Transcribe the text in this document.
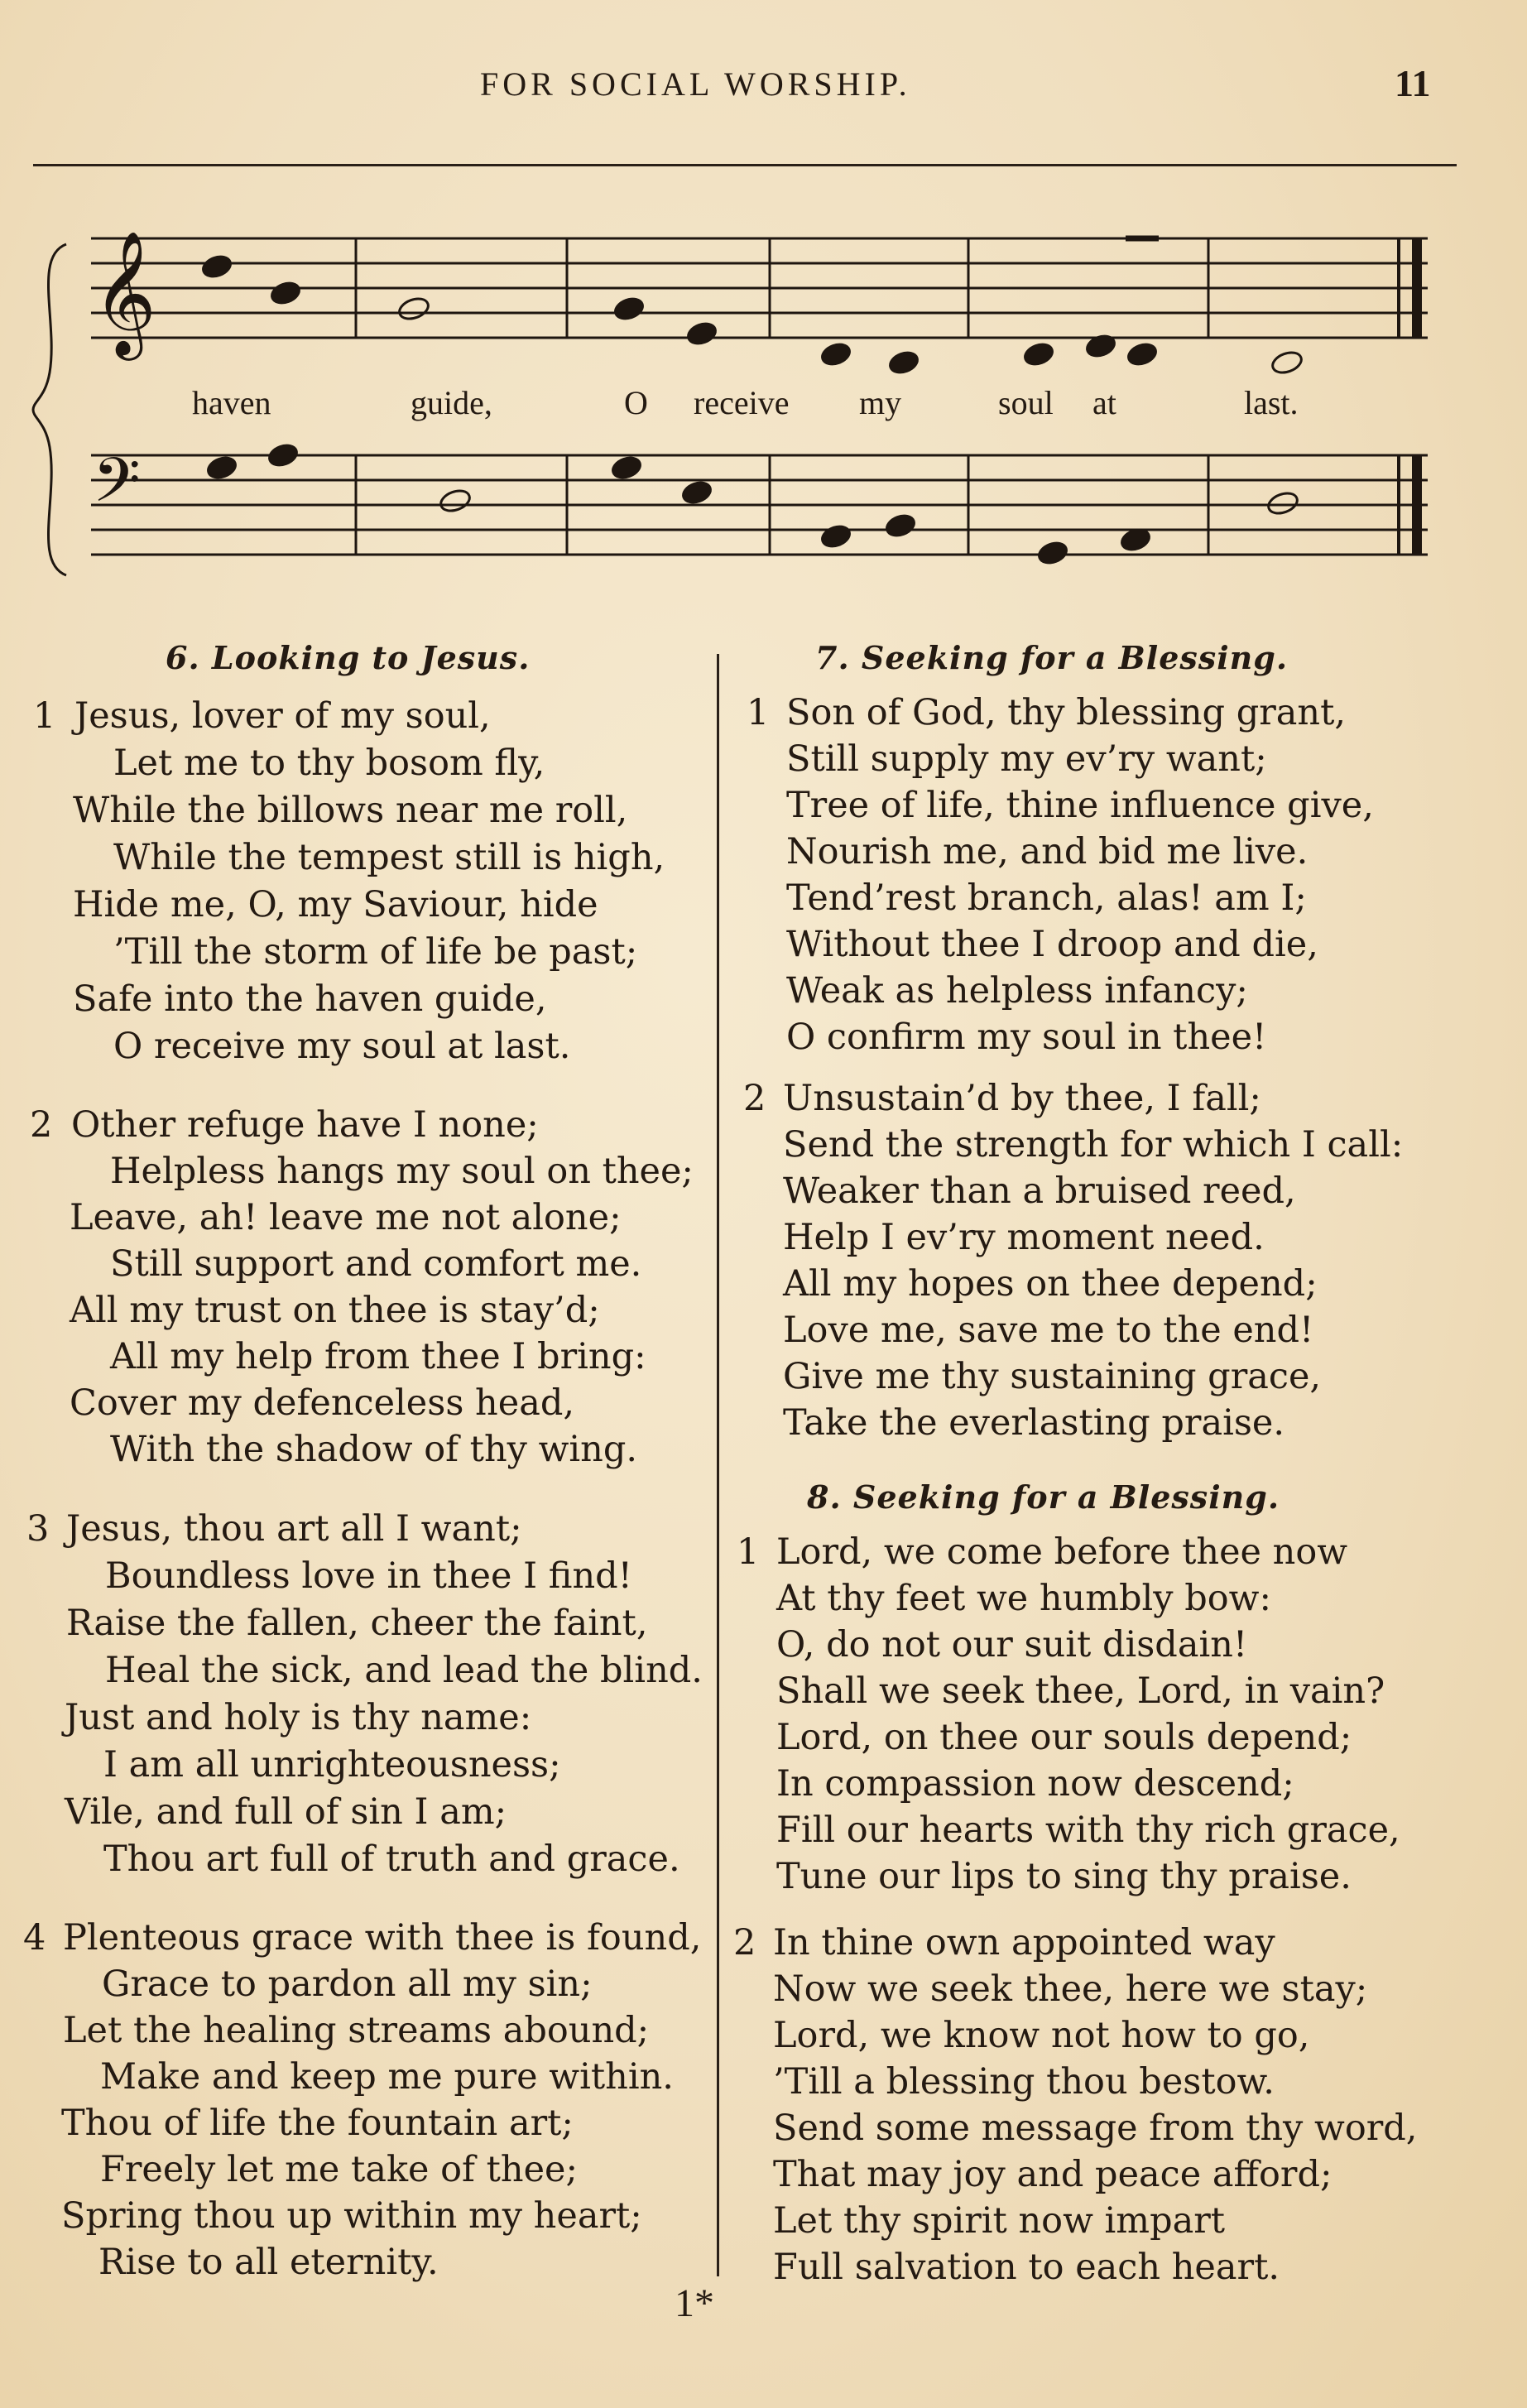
FOR SOCIAL WORSHIP.	11
𝄞
𝄢
haven	guide,	O receive my	soul at	last.
6. Looking to Jesus.
1 Jesus, lover of my soul,
Let me to thy bosom fly,
While the billows near me roll,
While the tempest still is high,
Hide me, O, my Saviour, hide
’Till the storm of life be past;
Safe into the haven guide,
O receive my soul at last.
2 Other refuge have I none;
Helpless hangs my soul on thee;
Leave, ah! leave me not alone;
Still support and comfort me.
All my trust on thee is stay’d;
All my help from thee I bring:
Cover my defenceless head,
With the shadow of thy wing.
3 Jesus, thou art all I want;
Boundless love in thee I find!
Raise the fallen, cheer the faint,
Heal the sick, and lead the blind.
Just and holy is thy name:
I am all unrighteousness;
Vile, and full of sin I am;
Thou art full of truth and grace.
4 Plenteous grace with thee is found,
Grace to pardon all my sin;
Let the healing streams abound;
Make and keep me pure within.
Thou of life the fountain art;
Freely let me take of thee;
Spring thou up within my heart;
Rise to all eternity.
7. Seeking for a Blessing.
1 Son of God, thy blessing grant,
Still supply my ev’ry want;
Tree of life, thine influence give,
Nourish me, and bid me live.
Tend’rest branch, alas! am I;
Without thee I droop and die,
Weak as helpless infancy;
O confirm my soul in thee!
2 Unsustain’d by thee, I fall;
Send the strength for which I call:
Weaker than a bruised reed,
Help I ev’ry moment need.
All my hopes on thee depend;
Love me, save me to the end!
Give me thy sustaining grace,
Take the everlasting praise.
8. Seeking for a Blessing.
1 Lord, we come before thee now
At thy feet we humbly bow:
O, do not our suit disdain!
Shall we seek thee, Lord, in vain?
Lord, on thee our souls depend;
In compassion now descend;
Fill our hearts with thy rich grace,
Tune our lips to sing thy praise.
2 In thine own appointed way
Now we seek thee, here we stay;
Lord, we know not how to go,
’Till a blessing thou bestow.
Send some message from thy word,
That may joy and peace afford;
Let thy spirit now impart
Full salvation to each heart.
1*
